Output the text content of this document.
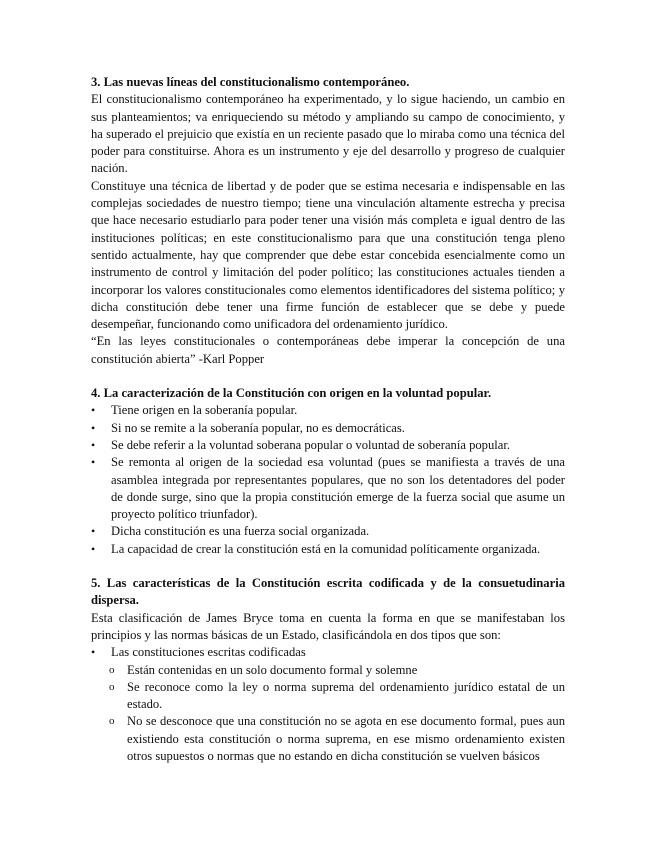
3. Las nuevas líneas del constitucionalismo contemporáneo.

El constitucionalismo contemporáneo ha experimentado, y lo sigue haciendo, un cambio en sus planteamientos; va enriqueciendo su método y ampliando su campo de conocimiento, y ha superado el prejuicio que existía en un reciente pasado que lo miraba como una técnica del poder para constituirse. Ahora es un instrumento y eje del desarrollo y progreso de cualquier nación.

Constituye una técnica de libertad y de poder que se estima necesaria e indispensable en las complejas sociedades de nuestro tiempo; tiene una vinculación altamente estrecha y precisa que hace necesario estudiarlo para poder tener una visión más completa e igual dentro de las instituciones políticas; en este constitucionalismo para que una constitución tenga pleno sentido actualmente, hay que comprender que debe estar concebida esencialmente como un instrumento de control y limitación del poder político; las constituciones actuales tienden a incorporar los valores constitucionales como elementos identificadores del sistema político; y dicha constitución debe tener una firme función de establecer que se debe y puede desempeñar, funcionando como unificadora del ordenamiento jurídico.

“En las leyes constitucionales o contemporáneas debe imperar la concepción de una constitución abierta” -Karl Popper

4. La caracterización de la Constitución con origen en la voluntad popular.

•	Tiene origen en la soberanía popular.
•	Si no se remite a la soberanía popular, no es democráticas.
•	Se debe referir a la voluntad soberana popular o voluntad de soberanía popular.
•	Se remonta al origen de la sociedad esa voluntad (pues se manifiesta a través de una asamblea integrada por representantes populares, que no son los detentadores del poder de donde surge, sino que la propia constitución emerge de la fuerza social que asume un proyecto político triunfador).
•	Dicha constitución es una fuerza social organizada.
•	La capacidad de crear la constitución está en la comunidad políticamente organizada.

5. Las características de la Constitución escrita codificada y de la consuetudinaria dispersa.

Esta clasificación de James Bryce toma en cuenta la forma en que se manifestaban los principios y las normas básicas de un Estado, clasificándola en dos tipos que son:

•	Las constituciones escritas codificadas
o Están contenidas en un solo documento formal y solemne
o Se reconoce como la ley o norma suprema del ordenamiento jurídico estatal de un estado.
o No se desconoce que una constitución no se agota en ese documento formal, pues aun existiendo esta constitución o norma suprema, en ese mismo ordenamiento existen otros supuestos o normas que no estando en dicha constitución se vuelven básicos
